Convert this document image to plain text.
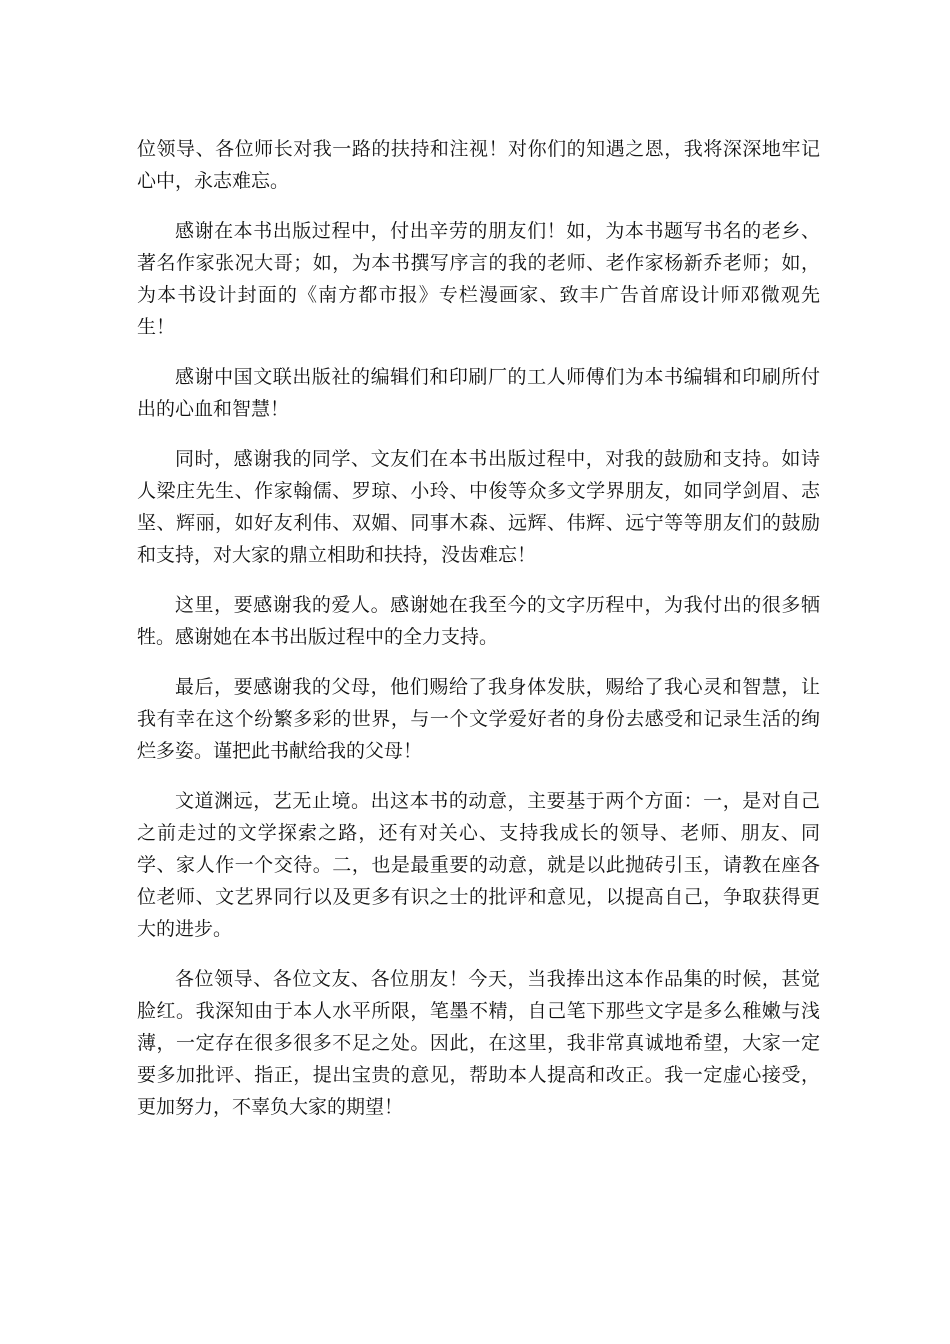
位领导、各位师长对我一路的扶持和注视！对你们的知遇之恩，我将深深地牢记心中，永志难忘。

感谢在本书出版过程中，付出辛劳的朋友们！如，为本书题写书名的老乡、著名作家张况大哥；如，为本书撰写序言的我的老师、老作家杨新乔老师；如，为本书设计封面的《南方都市报》专栏漫画家、致丰广告首席设计师邓微观先生！

感谢中国文联出版社的编辑们和印刷厂的工人师傅们为本书编辑和印刷所付出的心血和智慧！

同时，感谢我的同学、文友们在本书出版过程中，对我的鼓励和支持。如诗人梁庄先生、作家翰儒、罗琼、小玲、中俊等众多文学界朋友，如同学剑眉、志坚、辉丽，如好友利伟、双媚、同事木森、远辉、伟辉、远宁等等朋友们的鼓励和支持，对大家的鼎立相助和扶持，没齿难忘！

这里，要感谢我的爱人。感谢她在我至今的文字历程中，为我付出的很多牺牲。感谢她在本书出版过程中的全力支持。

最后，要感谢我的父母，他们赐给了我身体发肤，赐给了我心灵和智慧，让我有幸在这个纷繁多彩的世界，与一个文学爱好者的身份去感受和记录生活的绚烂多姿。谨把此书献给我的父母！

文道渊远，艺无止境。出这本书的动意，主要基于两个方面：一，是对自己之前走过的文学探索之路，还有对关心、支持我成长的领导、老师、朋友、同学、家人作一个交待。二，也是最重要的动意，就是以此抛砖引玉，请教在座各位老师、文艺界同行以及更多有识之士的批评和意见，以提高自己，争取获得更大的进步。

各位领导、各位文友、各位朋友！今天，当我捧出这本作品集的时候，甚觉脸红。我深知由于本人水平所限，笔墨不精，自己笔下那些文字是多么稚嫩与浅薄，一定存在很多很多不足之处。因此，在这里，我非常真诚地希望，大家一定要多加批评、指正，提出宝贵的意见，帮助本人提高和改正。我一定虚心接受，更加努力，不辜负大家的期望！
